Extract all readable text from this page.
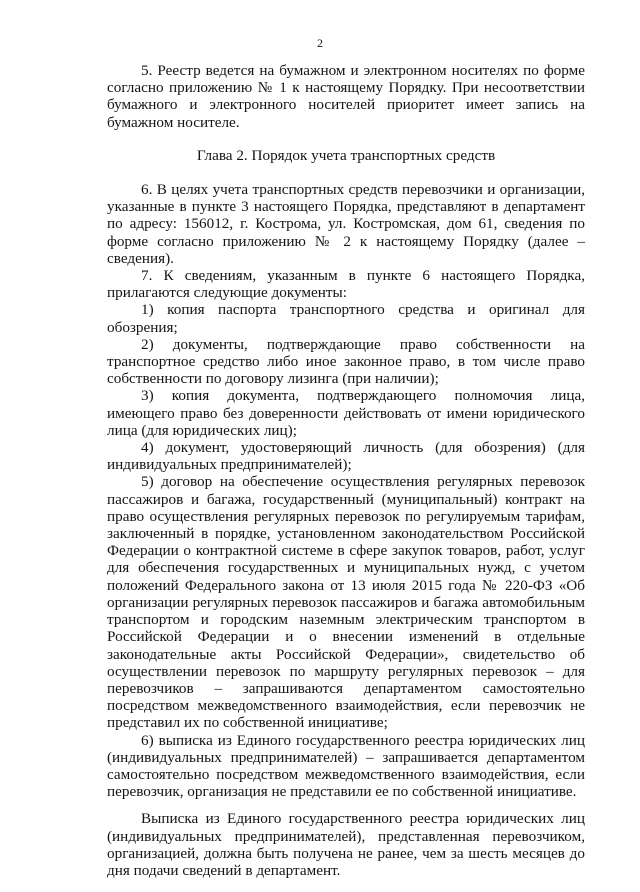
2

5. Реестр ведется на бумажном и электронном носителях по форме согласно приложению № 1 к настоящему Порядку. При несоответствии бумажного и электронного носителей приоритет имеет запись на бумажном носителе.

Глава 2. Порядок учета транспортных средств

6. В целях учета транспортных средств перевозчики и организации, указанные в пункте 3 настоящего Порядка, представляют в департамент по адресу: 156012, г. Кострома, ул. Костромская, дом 61, сведения по форме согласно приложению № 2 к настоящему Порядку (далее – сведения).

7. К сведениям, указанным в пункте 6 настоящего Порядка, прилагаются следующие документы:

1) копия паспорта транспортного средства и оригинал для обозрения;

2) документы, подтверждающие право собственности на транспортное средство либо иное законное право, в том числе право собственности по договору лизинга (при наличии);

3) копия документа, подтверждающего полномочия лица, имеющего право без доверенности действовать от имени юридического лица (для юридических лиц);

4) документ, удостоверяющий личность (для обозрения) (для индивидуальных предпринимателей);

5) договор на обеспечение осуществления регулярных перевозок пассажиров и багажа, государственный (муниципальный) контракт на право осуществления регулярных перевозок по регулируемым тарифам, заключенный в порядке, установленном законодательством Российской Федерации о контрактной системе в сфере закупок товаров, работ, услуг для обеспечения государственных и муниципальных нужд, с учетом положений Федерального закона от 13 июля 2015 года № 220-ФЗ «Об организации регулярных перевозок пассажиров и багажа автомобильным транспортом и городским наземным электрическим транспортом в Российской Федерации и о внесении изменений в отдельные законодательные акты Российской Федерации», свидетельство об осуществлении перевозок по маршруту регулярных перевозок – для перевозчиков – запрашиваются департаментом самостоятельно посредством межведомственного взаимодействия, если перевозчик не представил их по собственной инициативе;

6) выписка из Единого государственного реестра юридических лиц (индивидуальных предпринимателей) – запрашивается департаментом самостоятельно посредством межведомственного взаимодействия, если перевозчик, организация не представили ее по собственной инициативе.

Выписка из Единого государственного реестра юридических лиц (индивидуальных предпринимателей), представленная перевозчиком, организацией, должна быть получена не ранее, чем за шесть месяцев до дня подачи сведений в департамент.
